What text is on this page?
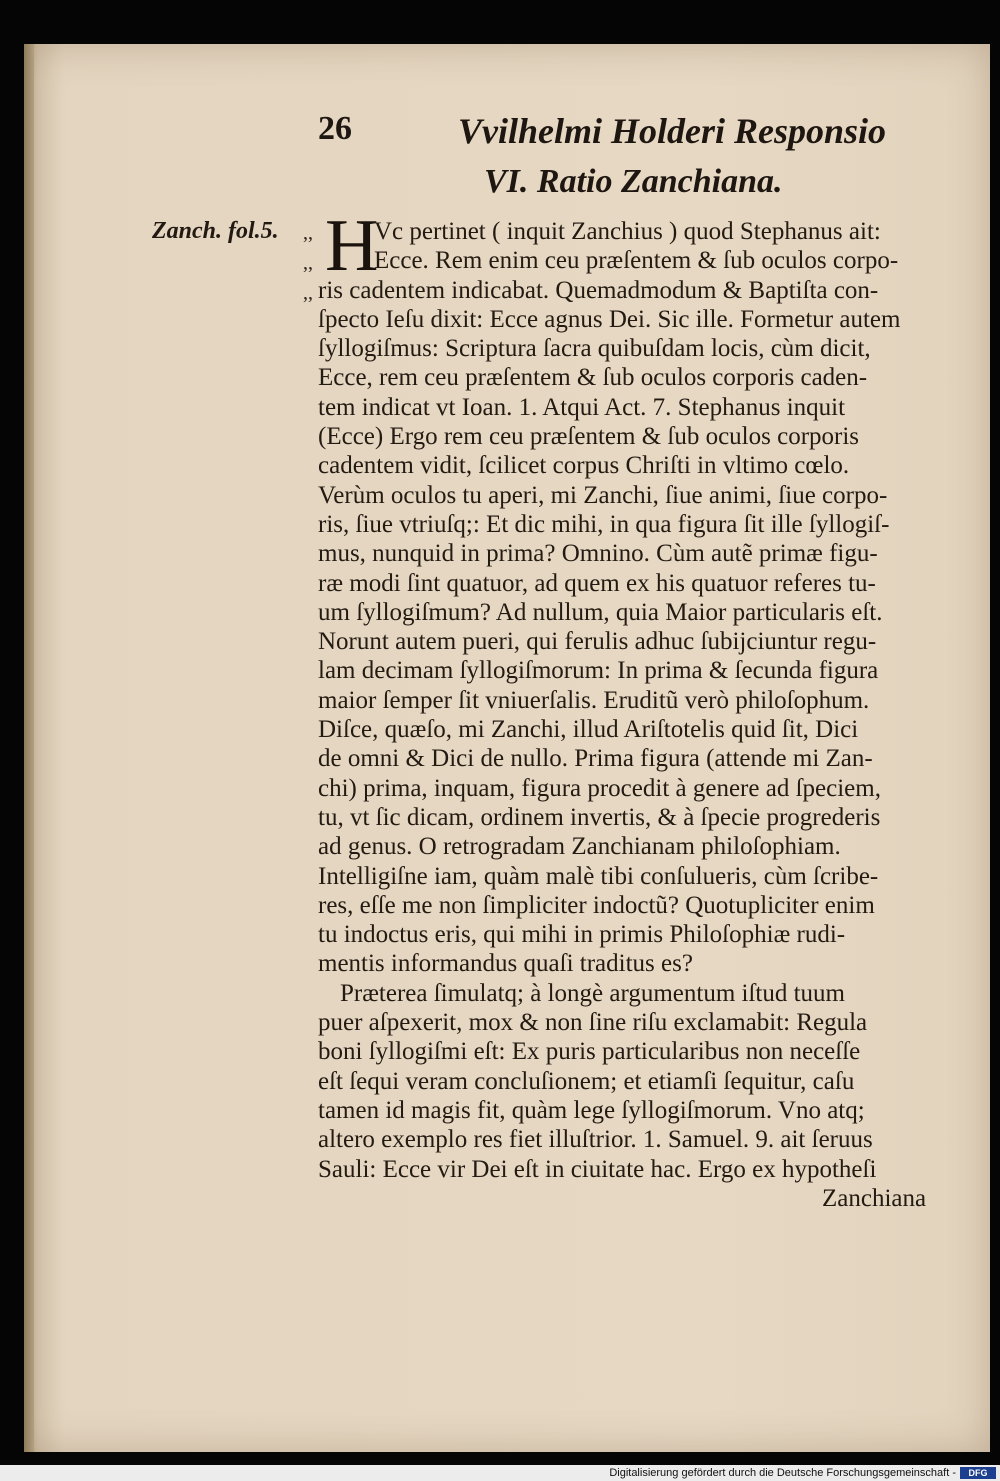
26	Vvilhelmi Holderi Responsio
VI. Ratio Zanchiana.
Zanch. fol.5. ,,
,,
,,
H
Vc pertinet ( inquit Zanchius ) quod Stephanus ait:
Ecce. Rem enim ceu præſentem & ſub oculos corpo-
ris cadentem indicabat. Quemadmodum & Baptiſta con-
ſpecto Ieſu dixit: Ecce agnus Dei. Sic ille. Formetur autem
ſyllogiſmus: Scriptura ſacra quibuſdam locis, cùm dicit,
Ecce, rem ceu præſentem & ſub oculos corporis caden-
tem indicat vt Ioan. 1. Atqui Act. 7. Stephanus inquit
(Ecce) Ergo rem ceu præſentem & ſub oculos corporis
cadentem vidit, ſcilicet corpus Chriſti in vltimo cœlo.
Verùm oculos tu aperi, mi Zanchi, ſiue animi, ſiue corpo-
ris, ſiue vtriuſq;: Et dic mihi, in qua figura ſit ille ſyllogiſ-
mus, nunquid in prima? Omnino. Cùm autẽ primæ figu-
ræ modi ſint quatuor, ad quem ex his quatuor referes tu-
um ſyllogiſmum? Ad nullum, quia Maior particularis eſt.
Norunt autem pueri, qui ferulis adhuc ſubijciuntur regu-
lam decimam ſyllogiſmorum: In prima & ſecunda figura
maior ſemper ſit vniuerſalis. Eruditũ verò philoſophum.
Diſce, quæſo, mi Zanchi, illud Ariſtotelis quid ſit, Dici
de omni & Dici de nullo. Prima figura (attende mi Zan-
chi) prima, inquam, figura procedit à genere ad ſpeciem,
tu, vt ſic dicam, ordinem invertis, & à ſpecie progrederis
ad genus. O retrogradam Zanchianam philoſophiam.
Intelligiſne iam, quàm malè tibi conſulueris, cùm ſcribe-
res, eſſe me non ſimpliciter indoctũ? Quotupliciter enim
tu indoctus eris, qui mihi in primis Philoſophiæ rudi-
mentis informandus quaſi traditus es?
Præterea ſimulatq; à longè argumentum iſtud tuum
puer aſpexerit, mox & non ſine riſu exclamabit: Regula
boni ſyllogiſmi eſt: Ex puris particularibus non neceſſe
eſt ſequi veram concluſionem; et etiamſi ſequitur, caſu
tamen id magis fit, quàm lege ſyllogiſmorum. Vno atq;
altero exemplo res fiet illuſtrior. 1. Samuel. 9. ait ſeruus
Sauli: Ecce vir Dei eſt in ciuitate hac. Ergo ex hypotheſi
Zanchiana
Digitalisierung gefördert durch die Deutsche Forschungsgemeinschaft -	DFG
